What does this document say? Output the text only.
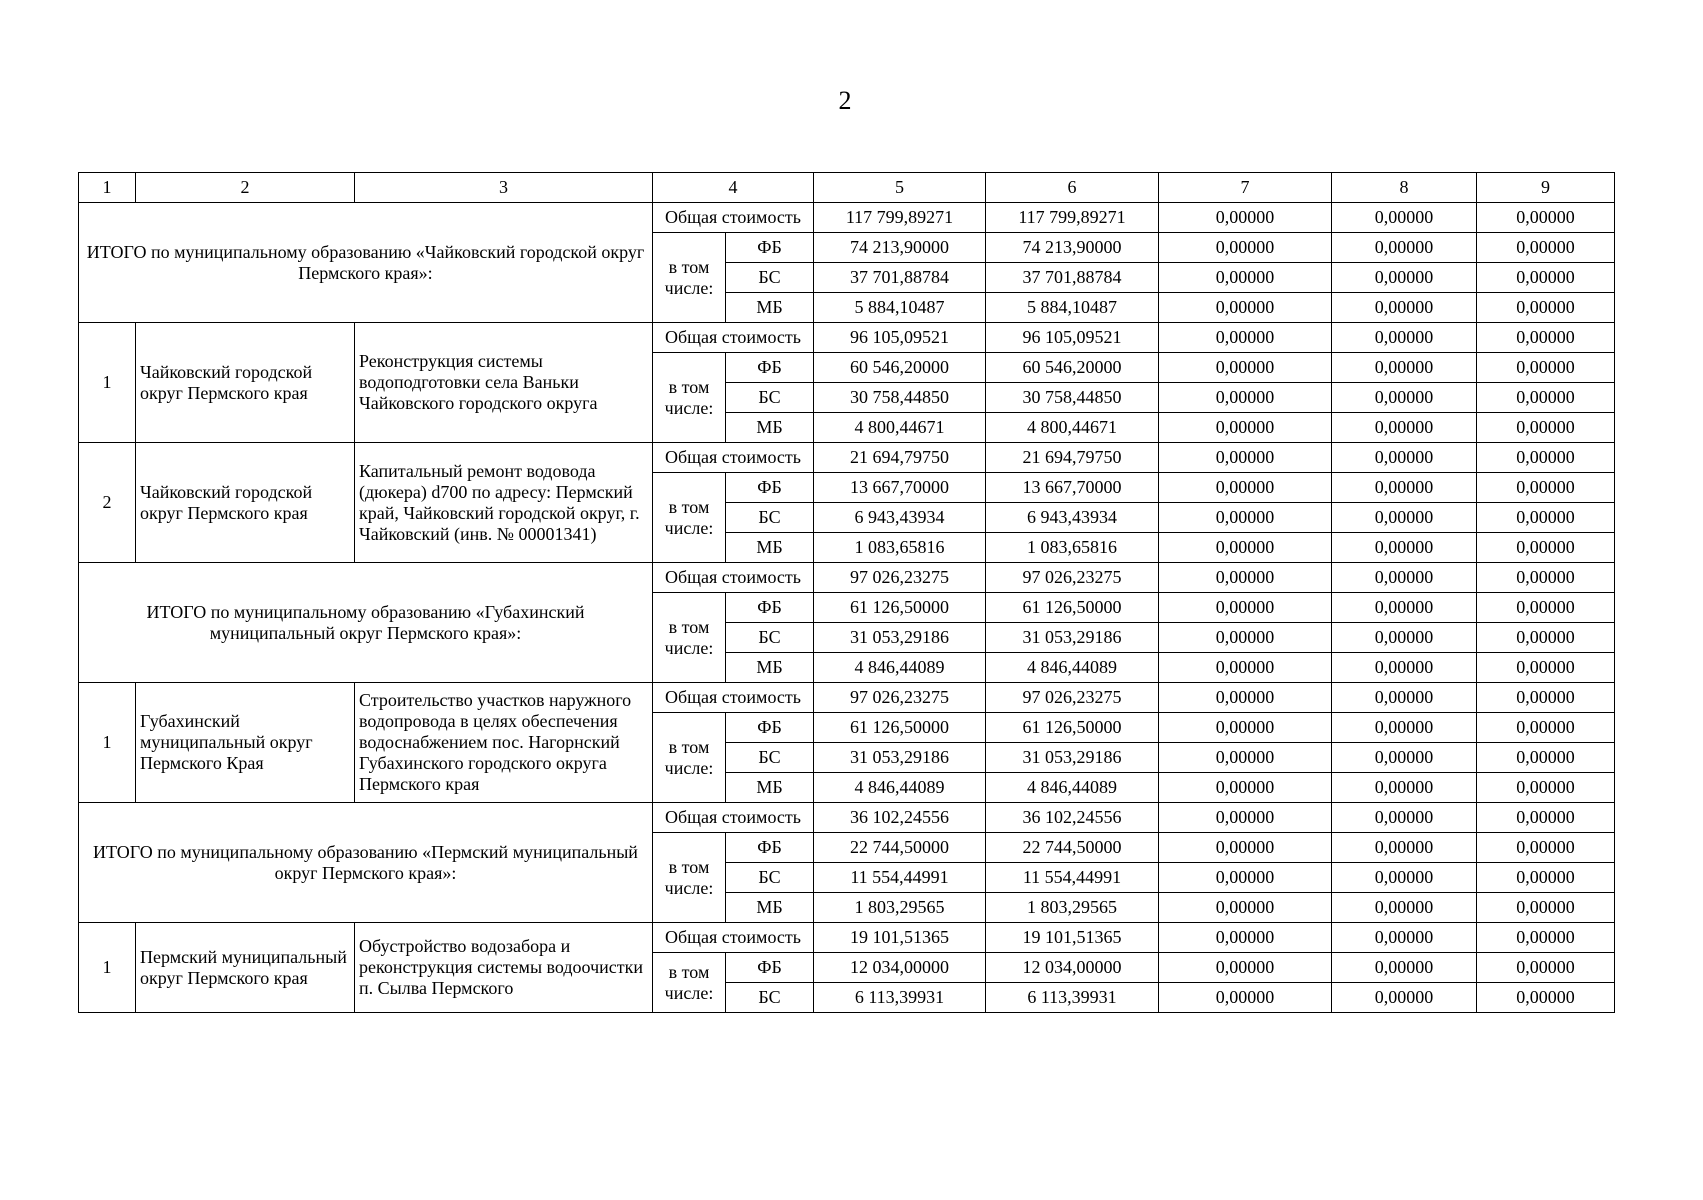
2
1	2	3	4		5	6	7	8	9
ИТОГО по муниципальному образованию «Чайковский городской округ Пермского края»:			Общая стоимость		117 799,89271	117 799,89271	0,00000	0,00000	0,00000
			в том числе:	ФБ	74 213,90000	74 213,90000	0,00000	0,00000	0,00000
				БС	37 701,88784	37 701,88784	0,00000	0,00000	0,00000
				МБ	5 884,10487	5 884,10487	0,00000	0,00000	0,00000
1	Чайковский городской округ Пермского края	Реконструкция системы водоподготовки села Ваньки Чайковского городского округа	Общая стоимость		96 105,09521	96 105,09521	0,00000	0,00000	0,00000
			в том числе:	ФБ	60 546,20000	60 546,20000	0,00000	0,00000	0,00000
				БС	30 758,44850	30 758,44850	0,00000	0,00000	0,00000
				МБ	4 800,44671	4 800,44671	0,00000	0,00000	0,00000
2	Чайковский городской округ Пермского края	Капитальный ремонт водовода (дюкера) d700 по адресу: Пермский край, Чайковский городской округ, г. Чайковский (инв. № 00001341)	Общая стоимость		21 694,79750	21 694,79750	0,00000	0,00000	0,00000
			в том числе:	ФБ	13 667,70000	13 667,70000	0,00000	0,00000	0,00000
				БС	6 943,43934	6 943,43934	0,00000	0,00000	0,00000
				МБ	1 083,65816	1 083,65816	0,00000	0,00000	0,00000
ИТОГО по муниципальному образованию «Губахинский муниципальный округ Пермского края»:			Общая стоимость		97 026,23275	97 026,23275	0,00000	0,00000	0,00000
			в том числе:	ФБ	61 126,50000	61 126,50000	0,00000	0,00000	0,00000
				БС	31 053,29186	31 053,29186	0,00000	0,00000	0,00000
				МБ	4 846,44089	4 846,44089	0,00000	0,00000	0,00000
1	Губахинский муниципальный округ Пермского Края	Строительство участков наружного водопровода в целях обеспечения водоснабжением пос. Нагорнский Губахинского городского округа Пермского края	Общая стоимость		97 026,23275	97 026,23275	0,00000	0,00000	0,00000
			в том числе:	ФБ	61 126,50000	61 126,50000	0,00000	0,00000	0,00000
				БС	31 053,29186	31 053,29186	0,00000	0,00000	0,00000
				МБ	4 846,44089	4 846,44089	0,00000	0,00000	0,00000
ИТОГО по муниципальному образованию «Пермский муниципальный округ Пермского края»:			Общая стоимость		36 102,24556	36 102,24556	0,00000	0,00000	0,00000
			в том числе:	ФБ	22 744,50000	22 744,50000	0,00000	0,00000	0,00000
				БС	11 554,44991	11 554,44991	0,00000	0,00000	0,00000
				МБ	1 803,29565	1 803,29565	0,00000	0,00000	0,00000
1	Пермский муниципальный округ Пермского края	Обустройство водозабора и реконструкция системы водоочистки п. Сылва Пермского	Общая стоимость		19 101,51365	19 101,51365	0,00000	0,00000	0,00000
			в том числе:	ФБ	12 034,00000	12 034,00000	0,00000	0,00000	0,00000
				БС	6 113,39931	6 113,39931	0,00000	0,00000	0,00000
